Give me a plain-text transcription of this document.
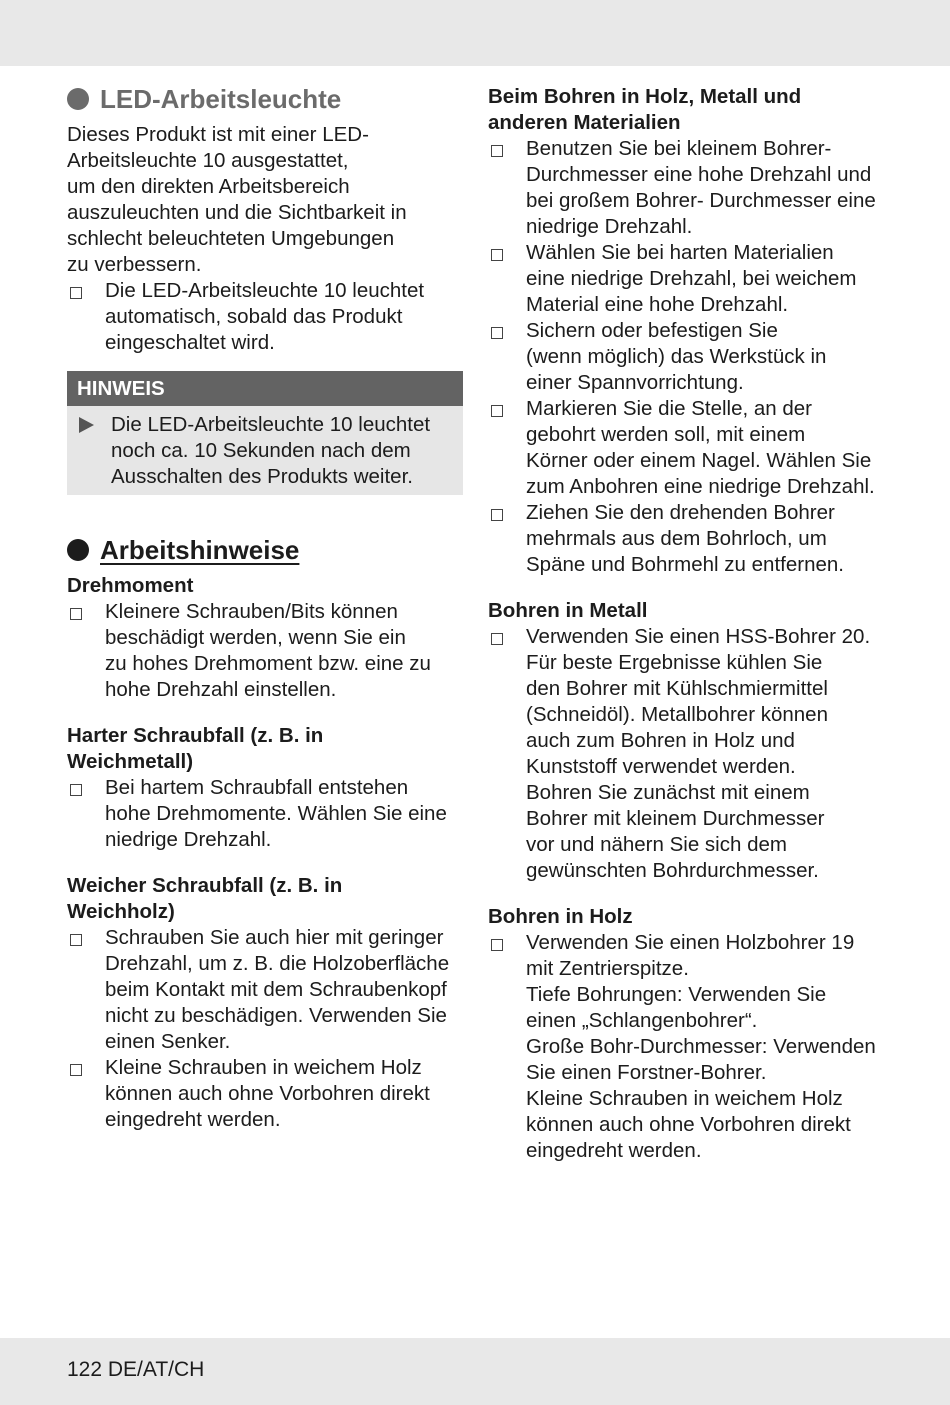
LED-Arbeitsleuchte

Dieses Produkt ist mit einer LED-
Arbeitsleuchte 10 ausgestattet,
um den direkten Arbeitsbereich
auszuleuchten und die Sichtbarkeit in
schlecht beleuchteten Umgebungen
zu verbessern.

Die LED-Arbeitsleuchte 10 leuchtet
automatisch, sobald das Produkt
eingeschaltet wird.
HINWEIS
Die LED-Arbeitsleuchte 10 leuchtet
noch ca. 10 Sekunden nach dem
Ausschalten des Produkts weiter.
Arbeitshinweise

Drehmoment

Kleinere Schrauben/Bits können
beschädigt werden, wenn Sie ein
zu hohes Drehmoment bzw. eine zu
hohe Drehzahl einstellen.

Harter Schraubfall (z. B. in
Weichmetall)

Bei hartem Schraubfall entstehen
hohe Drehmomente. Wählen Sie eine
niedrige Drehzahl.

Weicher Schraubfall (z. B. in
Weichholz)

Schrauben Sie auch hier mit geringer
Drehzahl, um z. B. die Holzoberfläche
beim Kontakt mit dem Schraubenkopf
nicht zu beschädigen. Verwenden Sie
einen Senker.
Kleine Schrauben in weichem Holz
können auch ohne Vorbohren direkt
eingedreht werden.

Beim Bohren in Holz, Metall und
anderen Materialien

Benutzen Sie bei kleinem Bohrer-
Durchmesser eine hohe Drehzahl und
bei großem Bohrer- Durchmesser eine
niedrige Drehzahl.
Wählen Sie bei harten Materialien
eine niedrige Drehzahl, bei weichem
Material eine hohe Drehzahl.
Sichern oder befestigen Sie
(wenn möglich) das Werkstück in
einer Spannvorrichtung.
Markieren Sie die Stelle, an der
gebohrt werden soll, mit einem
Körner oder einem Nagel. Wählen Sie
zum Anbohren eine niedrige Drehzahl.
Ziehen Sie den drehenden Bohrer
mehrmals aus dem Bohrloch, um
Späne und Bohrmehl zu entfernen.

Bohren in Metall

Verwenden Sie einen HSS-Bohrer 20.
Für beste Ergebnisse kühlen Sie
den Bohrer mit Kühlschmiermittel
(Schneidöl). Metallbohrer können
auch zum Bohren in Holz und
Kunststoff verwendet werden.
Bohren Sie zunächst mit einem
Bohrer mit kleinem Durchmesser
vor und nähern Sie sich dem
gewünschten Bohrdurchmesser.

Bohren in Holz

Verwenden Sie einen Holzbohrer 19
mit Zentrierspitze.
Tiefe Bohrungen: Verwenden Sie
einen „Schlangenbohrer“.
Große Bohr-Durchmesser: Verwenden
Sie einen Forstner-Bohrer.
Kleine Schrauben in weichem Holz
können auch ohne Vorbohren direkt
eingedreht werden.
122 DE/AT/CH
